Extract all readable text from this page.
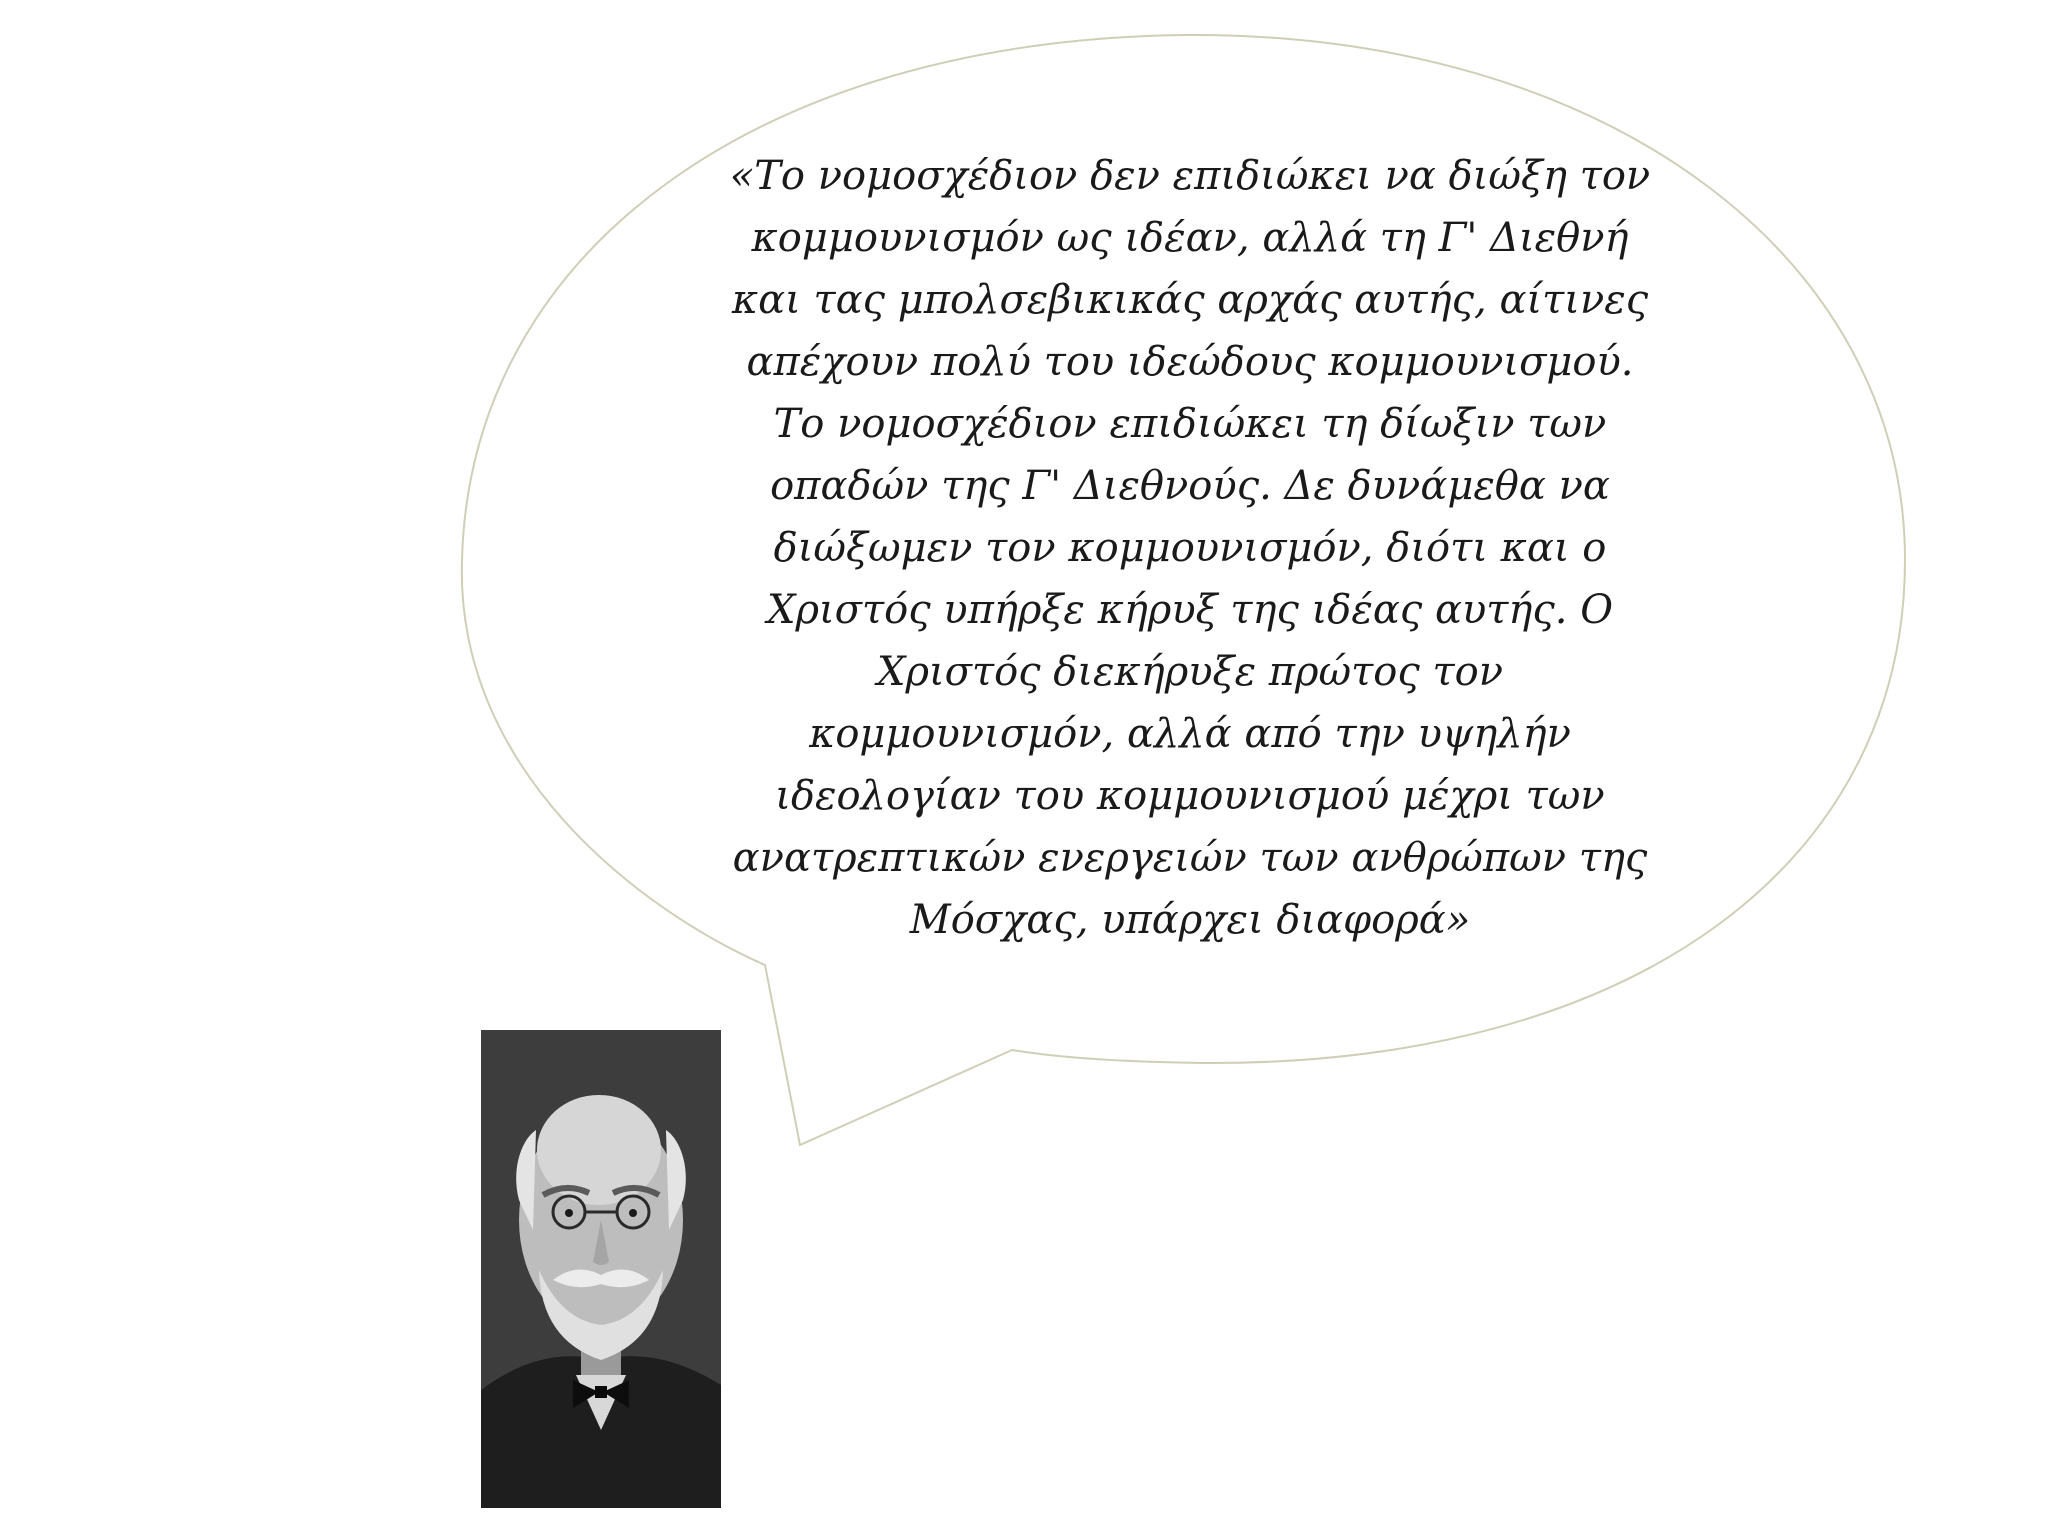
«Το νομοσχέδιον δεν επιδιώκει να διώξη τον
κομμουνισμόν ως ιδέαν, αλλά τη Γ' Διεθνή
και τας μπολσεβικικάς αρχάς αυτής, αίτινες
απέχουν πολύ του ιδεώδους κομμουνισμού.
Το νομοσχέδιον επιδιώκει τη δίωξιν των
οπαδών της Γ' Διεθνούς. Δε δυνάμεθα να
διώξωμεν τον κομμουνισμόν, διότι και ο
Χριστός υπήρξε κήρυξ της ιδέας αυτής. Ο
Χριστός διεκήρυξε πρώτος τον
κομμουνισμόν, αλλά από την υψηλήν
ιδεολογίαν του κομμουνισμού μέχρι των
ανατρεπτικών ενεργειών των ανθρώπων της
Μόσχας, υπάρχει διαφορά»
